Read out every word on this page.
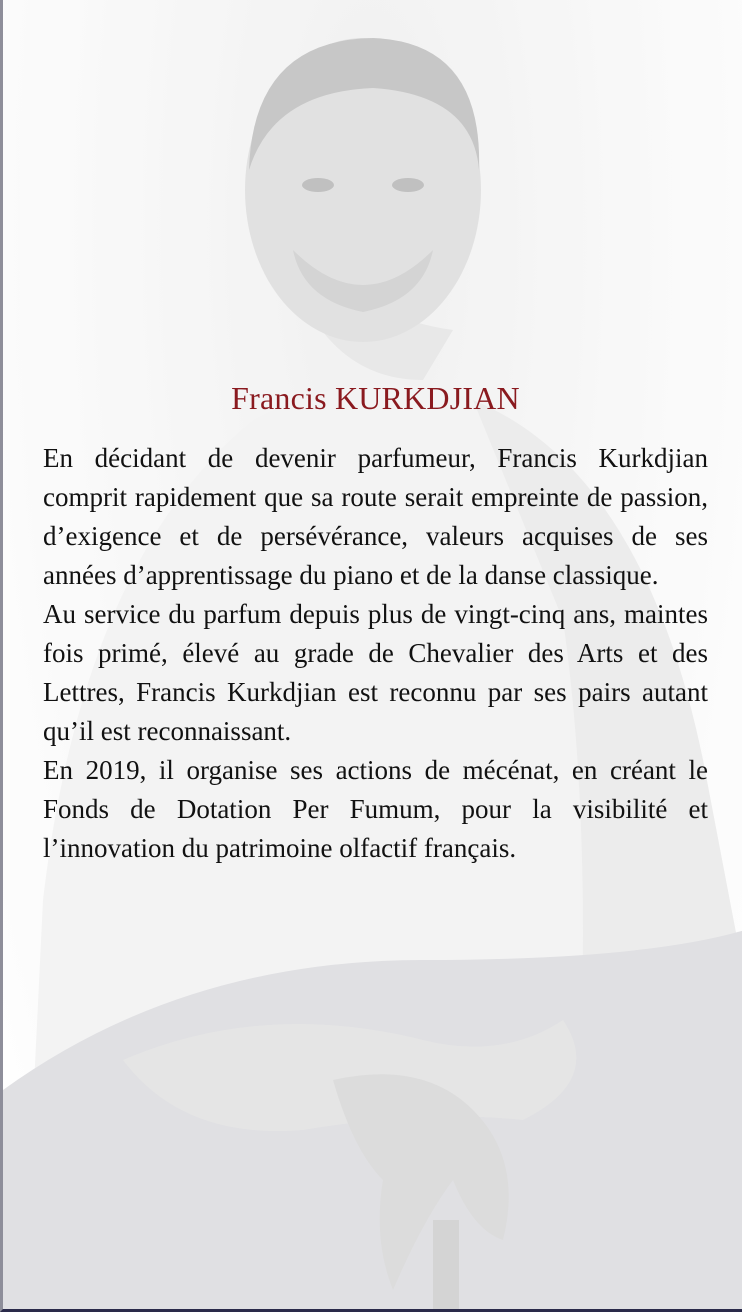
Francis KURKDJIAN

En décidant de devenir parfumeur, Francis Kurkdjian comprit rapidement que sa route serait empreinte de passion, d’exigence et de persévérance, valeurs acquises de ses années d’apprentissage du piano et de la danse classique.

Au service du parfum depuis plus de vingt-cinq ans, maintes fois primé, élevé au grade de Chevalier des Arts et des Lettres, Francis Kurkdjian est reconnu par ses pairs autant qu’il est reconnaissant.

En 2019, il organise ses actions de mécénat, en créant le Fonds de Dotation Per Fumum, pour la visibilité et l’innovation du patrimoine olfactif français.
